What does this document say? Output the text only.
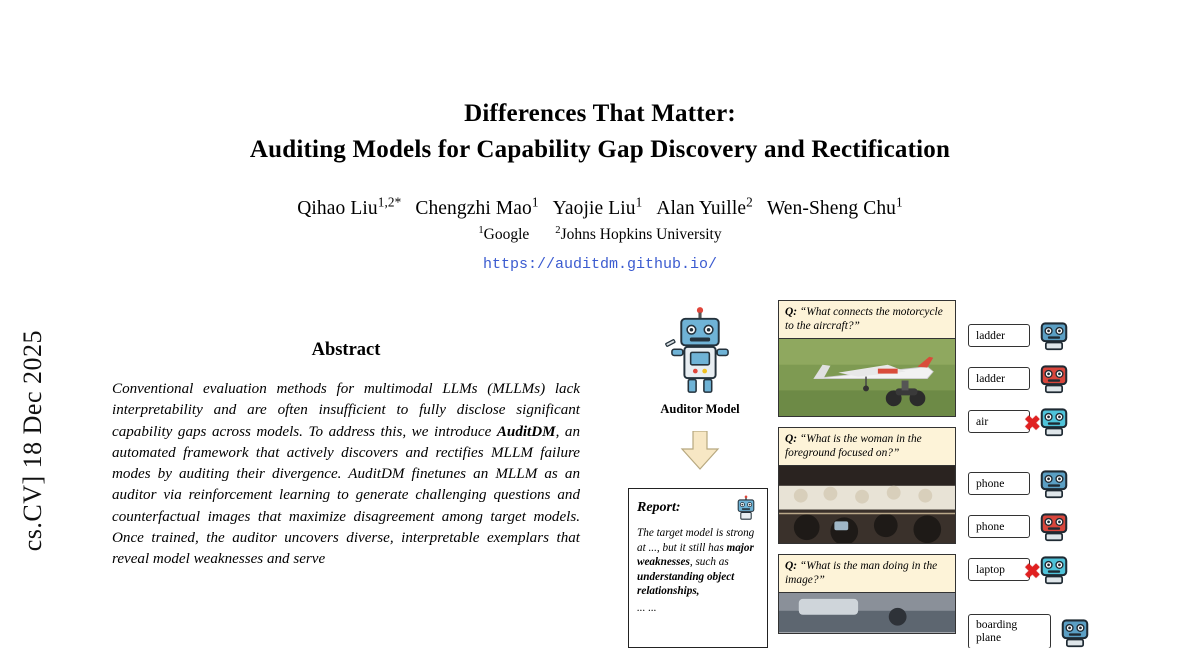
cs.CV] 18 Dec 2025
Differences That Matter:
Auditing Models for Capability Gap Discovery and Rectification
Qihao Liu$^{1,2*}$ Chengzhi Mao$^1$ Yaojie Liu$^1$ Alan Yuille$^2$ Wen-Sheng Chu$^1$
$^1$Google $^2$Johns Hopkins University
https://auditdm.github.io/
Abstract
Conventional evaluation methods for multimodal LLMs (MLLMs) lack interpretability and are often insufficient to fully disclose significant capability gaps across models. To address this, we introduce AuditDM, an automated framework that actively discovers and rectifies MLLM failure modes by auditing their divergence. AuditDM finetunes an MLLM as an auditor via reinforcement learning to generate challenging questions and counterfactual images that maximize disagreement among target models. Once trained, the auditor uncovers diverse, interpretable exemplars that reveal model weaknesses and serve
Auditor Model
Report:
The target model is strong at ..., but it still has major weaknesses, such as understanding object relationships,
... ...
Q: “What connects the motorcycle to the aircraft?”
Q: “What is the woman in the foreground focused on?”
Q: “What is the man doing in the image?”
ladder
ladder
air	✖
phone
phone
laptop ✖
boarding plane
